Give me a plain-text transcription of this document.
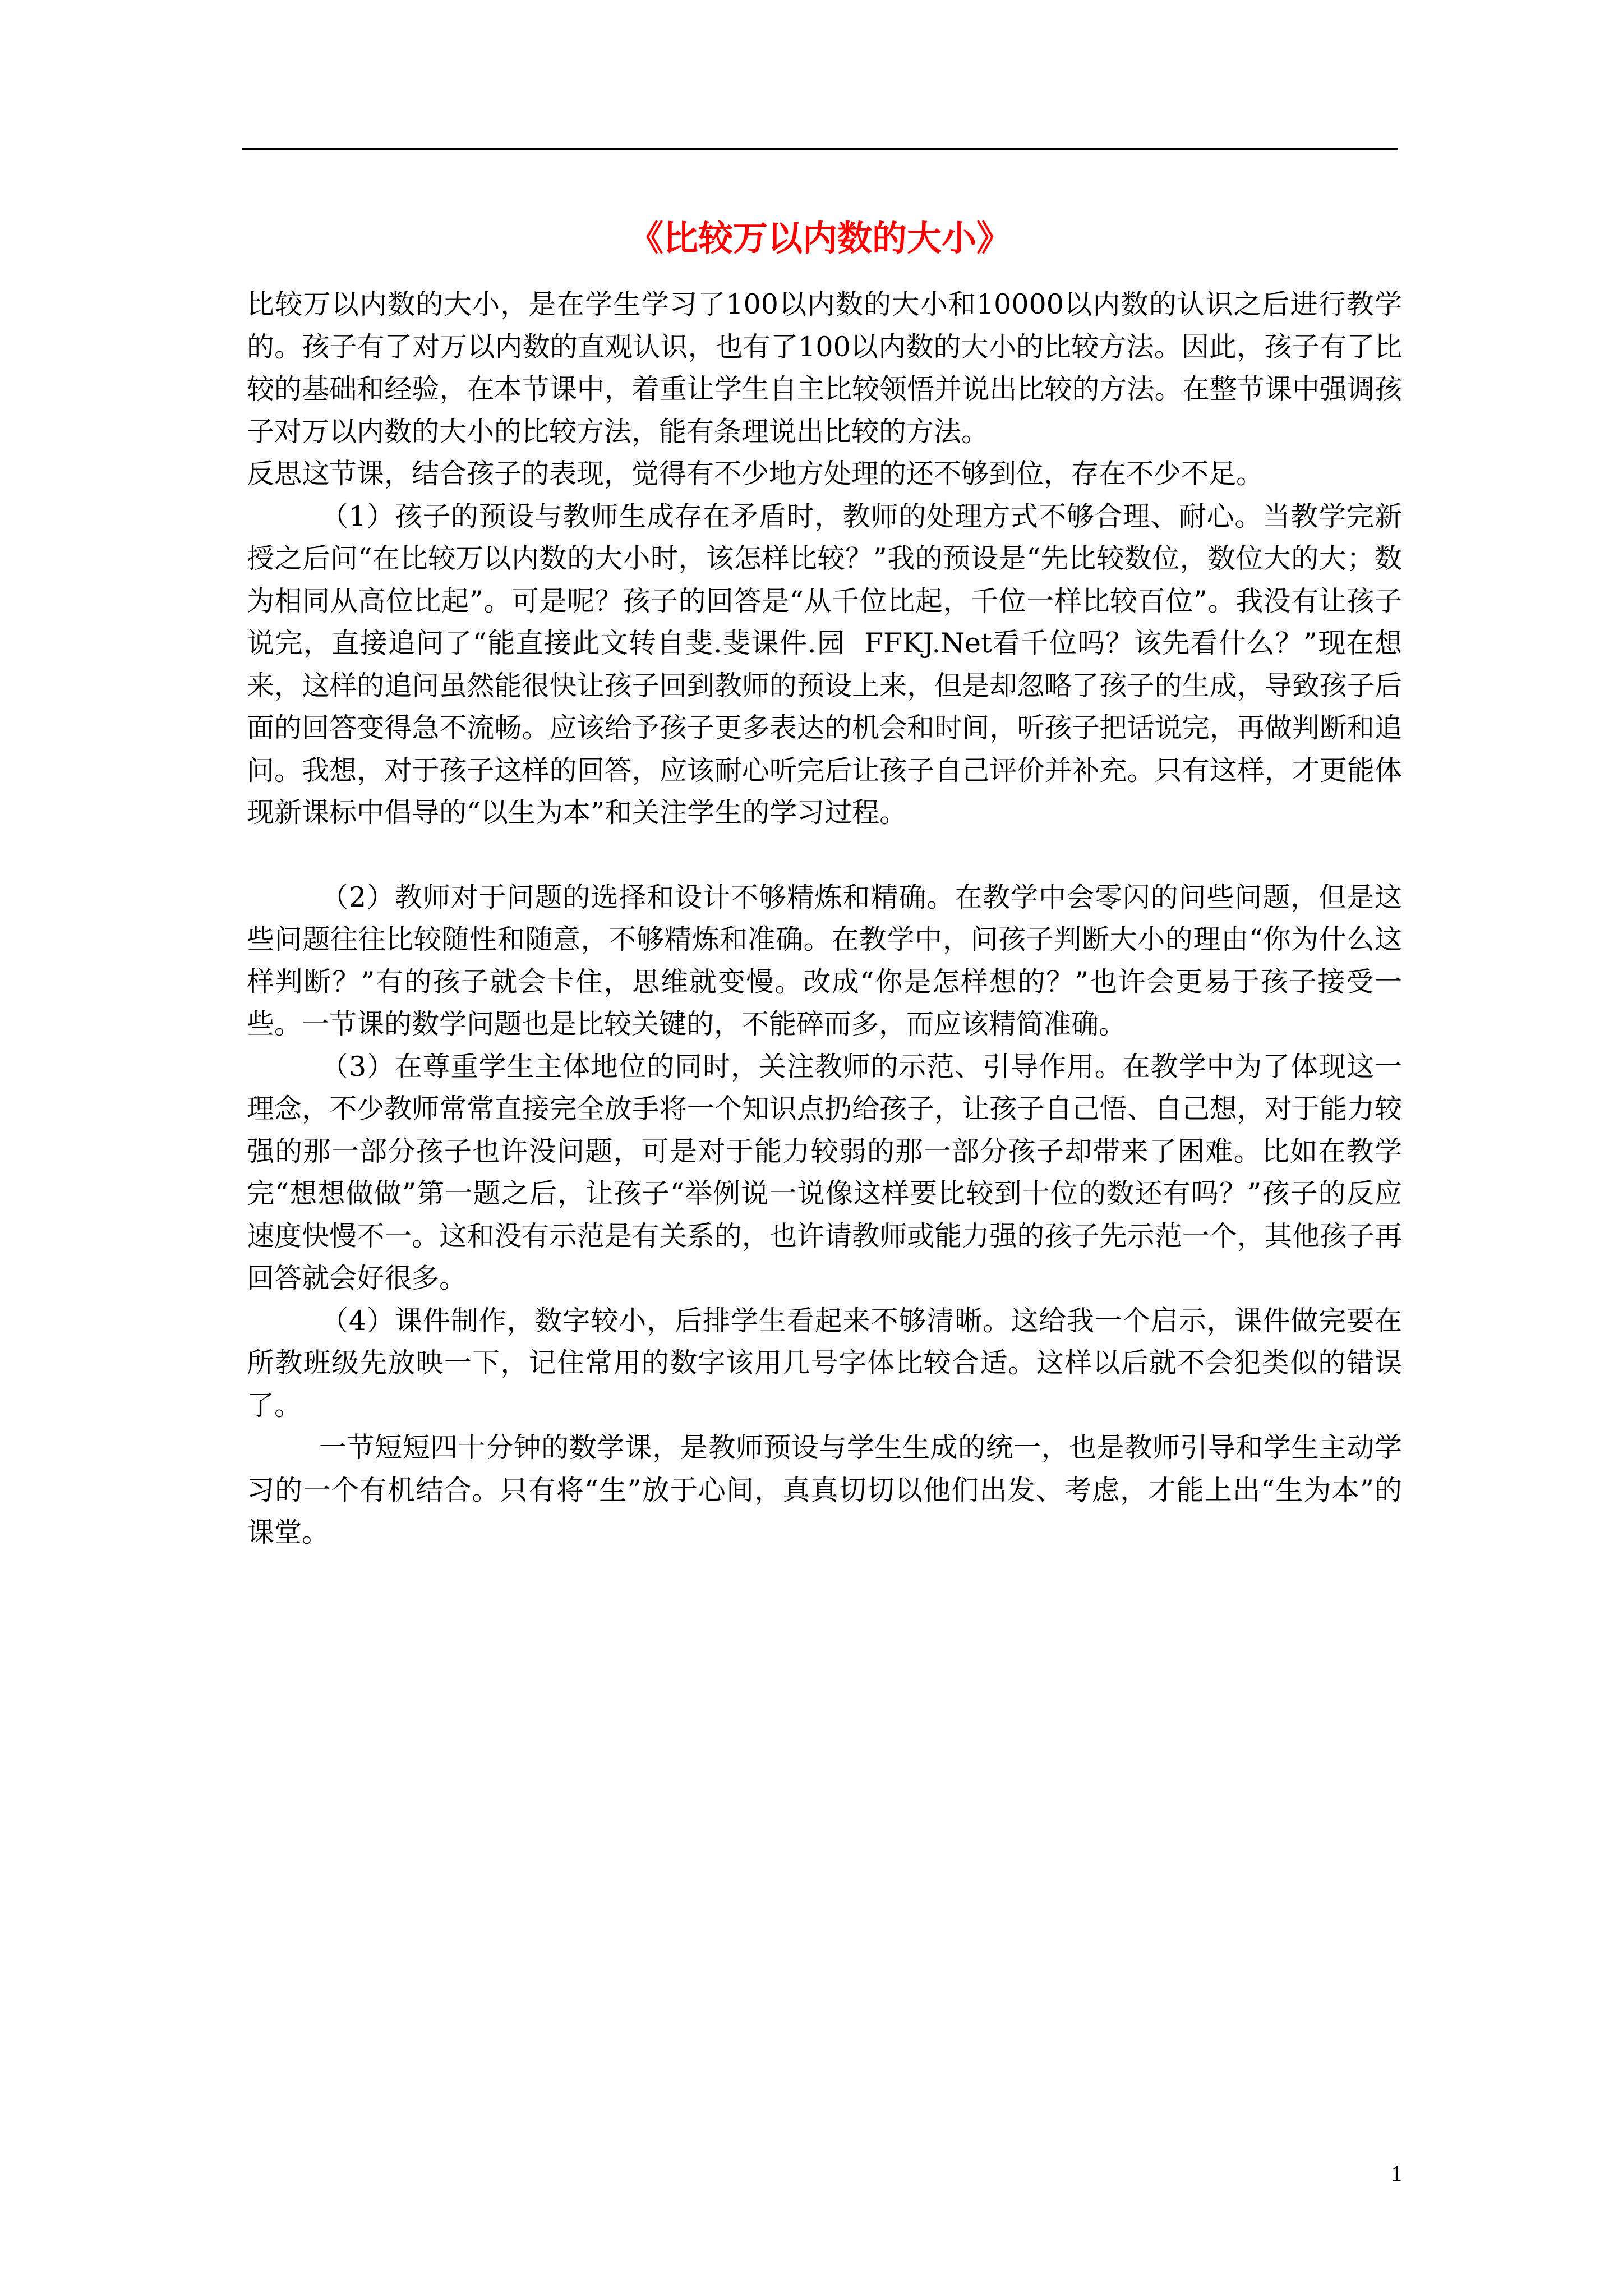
《比较万以内数的大小》

比较万以内数的大小，是在学生学习了100以内数的大小和10000以内数的认识之后进行教学的。孩子有了对万以内数的直观认识，也有了100以内数的大小的比较方法。因此，孩子有了比较的基础和经验，在本节课中，着重让学生自主比较领悟并说出比较的方法。在整节课中强调孩子对万以内数的大小的比较方法，能有条理说出比较的方法。

反思这节课，结合孩子的表现，觉得有不少地方处理的还不够到位，存在不少不足。

（1）孩子的预设与教师生成存在矛盾时，教师的处理方式不够合理、耐心。当教学完新授之后问“在比较万以内数的大小时，该怎样比较？”我的预设是“先比较数位，数位大的大；数为相同从高位比起”。可是呢？孩子的回答是“从千位比起，千位一样比较百位”。我没有让孩子说完，直接追问了“能直接此文转自斐.斐课件.园  FFKJ.Net看千位吗？该先看什么？”现在想来，这样的追问虽然能很快让孩子回到教师的预设上来，但是却忽略了孩子的生成，导致孩子后面的回答变得急不流畅。应该给予孩子更多表达的机会和时间，听孩子把话说完，再做判断和追问。我想，对于孩子这样的回答，应该耐心听完后让孩子自己评价并补充。只有这样，才更能体现新课标中倡导的“以生为本”和关注学生的学习过程。

（2）教师对于问题的选择和设计不够精炼和精确。在教学中会零闪的问些问题，但是这些问题往往比较随性和随意，不够精炼和准确。在教学中，问孩子判断大小的理由“你为什么这样判断？”有的孩子就会卡住，思维就变慢。改成“你是怎样想的？”也许会更易于孩子接受一些。一节课的数学问题也是比较关键的，不能碎而多，而应该精简准确。

（3）在尊重学生主体地位的同时，关注教师的示范、引导作用。在教学中为了体现这一理念，不少教师常常直接完全放手将一个知识点扔给孩子，让孩子自己悟、自己想，对于能力较强的那一部分孩子也许没问题，可是对于能力较弱的那一部分孩子却带来了困难。比如在教学完“想想做做”第一题之后，让孩子“举例说一说像这样要比较到十位的数还有吗？”孩子的反应速度快慢不一。这和没有示范是有关系的，也许请教师或能力强的孩子先示范一个，其他孩子再回答就会好很多。

（4）课件制作，数字较小，后排学生看起来不够清晰。这给我一个启示，课件做完要在所教班级先放映一下，记住常用的数字该用几号字体比较合适。这样以后就不会犯类似的错误了。

一节短短四十分钟的数学课，是教师预设与学生生成的统一，也是教师引导和学生主动学习的一个有机结合。只有将“生”放于心间，真真切切以他们出发、考虑，才能上出“生为本”的课堂。

1
